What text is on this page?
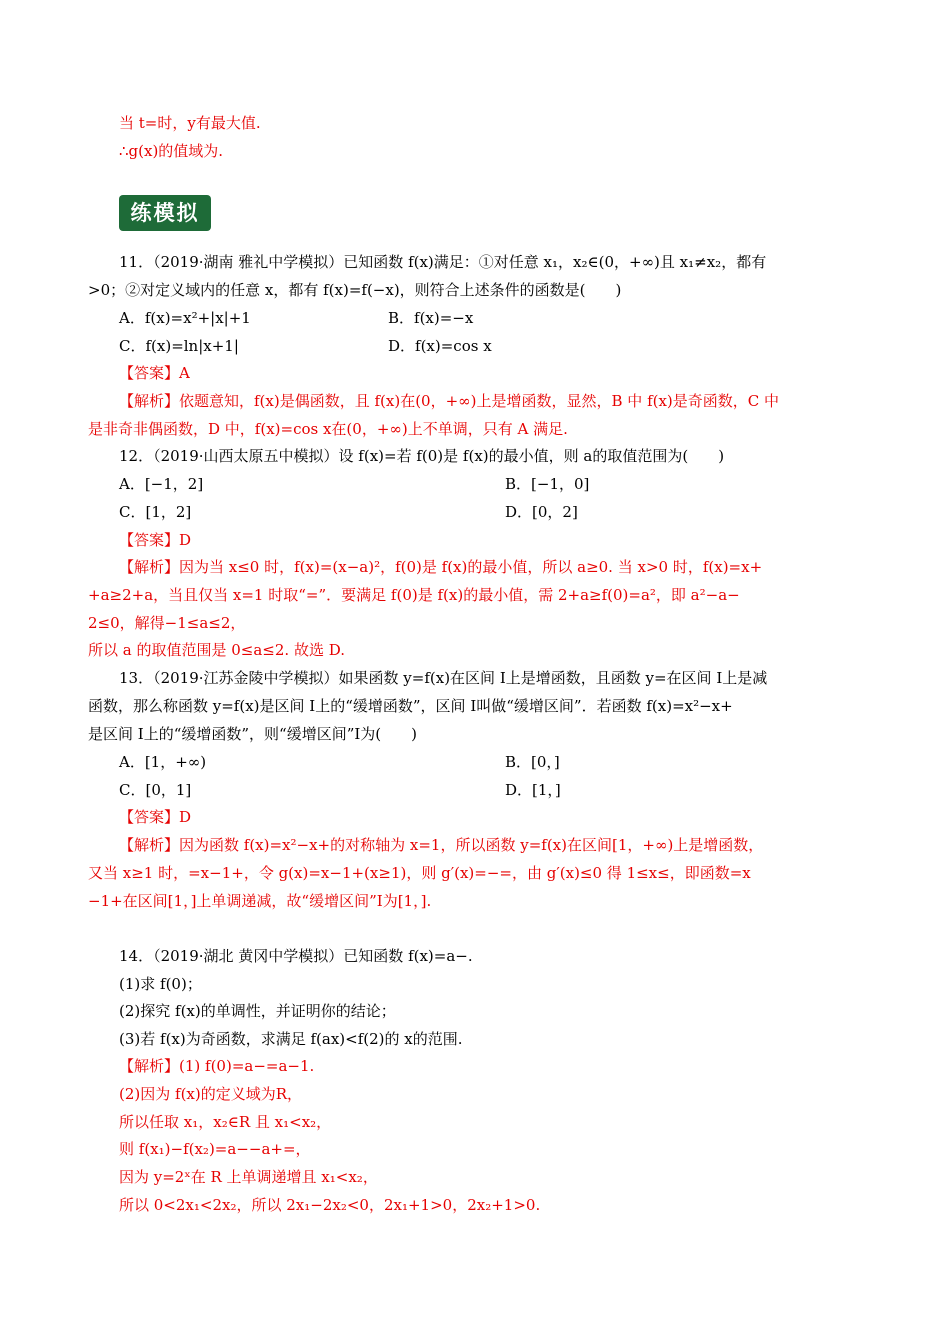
当 t=时，y有最大值.
∴g(x)的值域为.
练模拟
11．（2019·湖南 雅礼中学模拟）已知函数 f(x)满足：①对任意 x₁，x₂∈(0，+∞)且 x₁≠x₂，都有
>0；②对定义域内的任意 x，都有 f(x)=f(−x)，则符合上述条件的函数是(　　)
A．f(x)=x²+|x|+1	B．f(x)=−x
C．f(x)=ln|x+1|	D．f(x)=cos x
【答案】A
【解析】依题意知，f(x)是偶函数，且 f(x)在(0，+∞)上是增函数，显然，B 中 f(x)是奇函数，C 中
是非奇非偶函数，D 中，f(x)=cos x在(0，+∞)上不单调，只有 A 满足.
12．（2019·山西太原五中模拟）设 f(x)=若 f(0)是 f(x)的最小值，则 a的取值范围为(　　)
A．[−1，2]	B．[−1，0]
C．[1，2]	D．[0，2]
【答案】D
【解析】因为当 x≤0 时，f(x)=(x−a)²，f(0)是 f(x)的最小值，所以 a≥0. 当 x>0 时，f(x)=x+
+a≥2+a，当且仅当 x=1 时取“=”．要满足 f(0)是 f(x)的最小值，需 2+a≥f(0)=a²，即 a²−a−
2≤0，解得−1≤a≤2，
所以 a 的取值范围是 0≤a≤2. 故选 D.
13．（2019·江苏金陵中学模拟）如果函数 y=f(x)在区间 I上是增函数，且函数 y=在区间 I上是减
函数，那么称函数 y=f(x)是区间 I上的“缓增函数”，区间 I叫做“缓增区间”．若函数 f(x)=x²−x+
是区间 I上的“缓增函数”，则“缓增区间”I为(　　)
A．[1，+∞)	B．[0，]
C．[0，1]	D．[1，]
【答案】D
【解析】因为函数 f(x)=x²−x+的对称轴为 x=1，所以函数 y=f(x)在区间[1，+∞)上是增函数，
又当 x≥1 时，=x−1+，令 g(x)=x−1+(x≥1)，则 g′(x)=−=，由 g′(x)≤0 得 1≤x≤，即函数=x
−1+在区间[1，]上单调递减，故“缓增区间”I为[1，].
14．（2019·湖北 黄冈中学模拟）已知函数 f(x)=a−.
(1)求 f(0)；
(2)探究 f(x)的单调性，并证明你的结论；
(3)若 f(x)为奇函数，求满足 f(ax)<f(2)的 x的范围.
【解析】(1) f(0)=a−=a−1.
(2)因为 f(x)的定义域为R，
所以任取 x₁，x₂∈R 且 x₁<x₂，
则 f(x₁)−f(x₂)=a−−a+=，
因为 y=2ˣ在 R 上单调递增且 x₁<x₂，
所以 0<2x₁<2x₂，所以 2x₁−2x₂<0，2x₁+1>0，2x₂+1>0.
